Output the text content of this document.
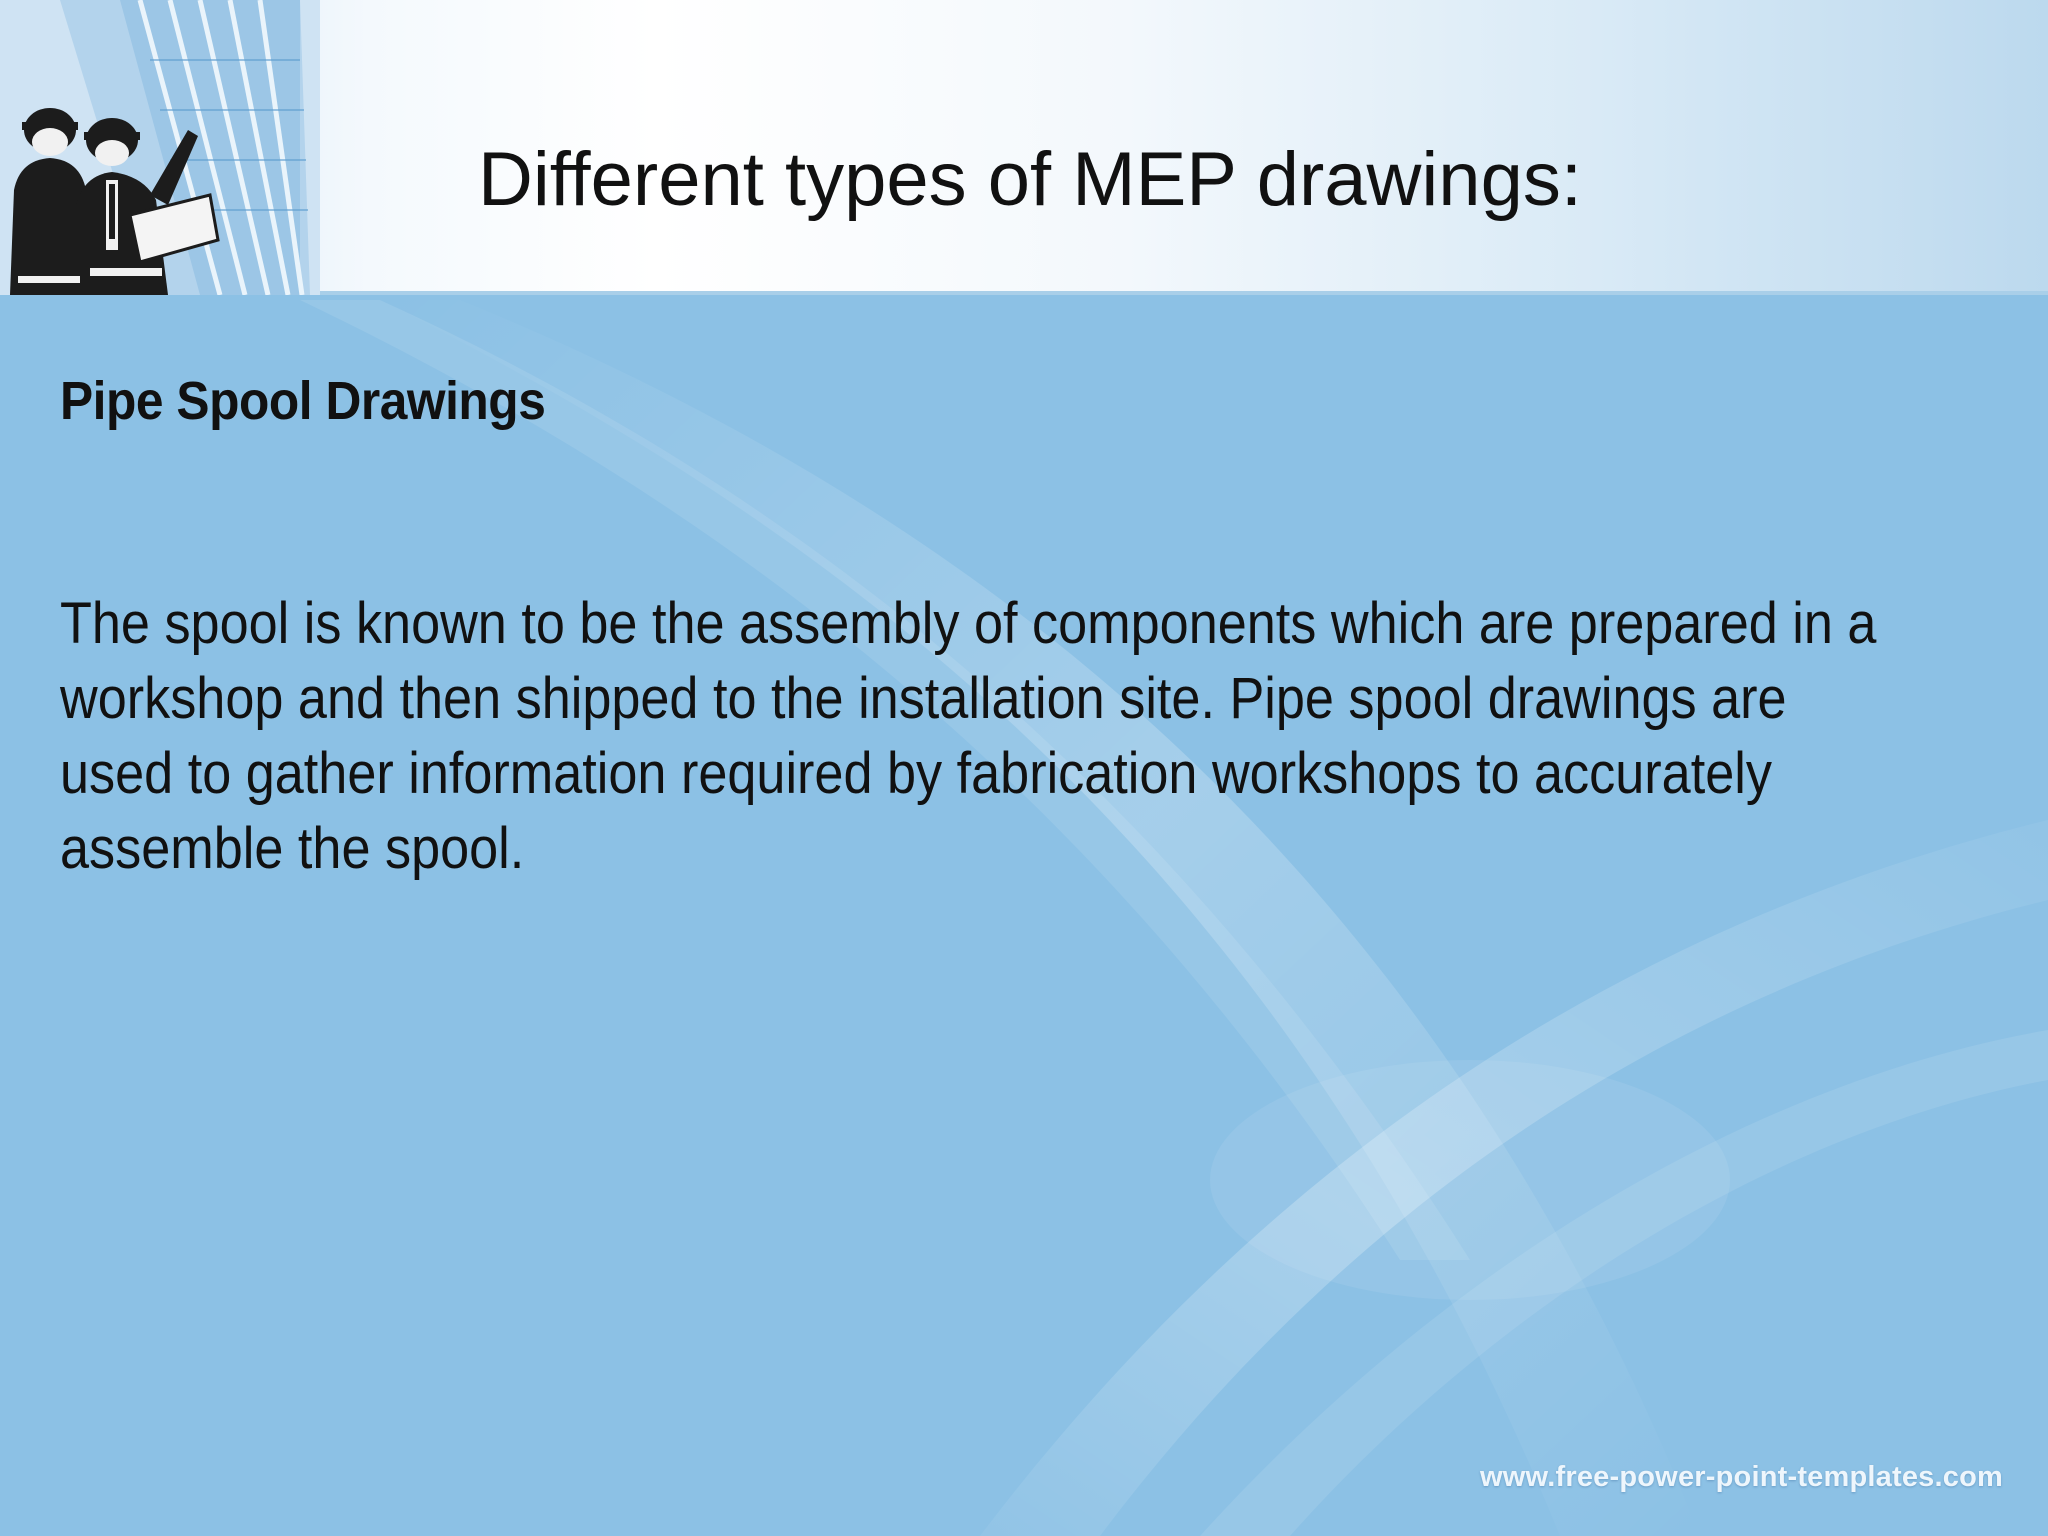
Different types of MEP drawings:
Pipe Spool Drawings

The spool is known to be the assembly of components which are prepared in a workshop and then shipped to the installation site. Pipe spool drawings are used to gather information required by fabrication workshops to accurately assemble the spool.

www.free-power-point-templates.com
